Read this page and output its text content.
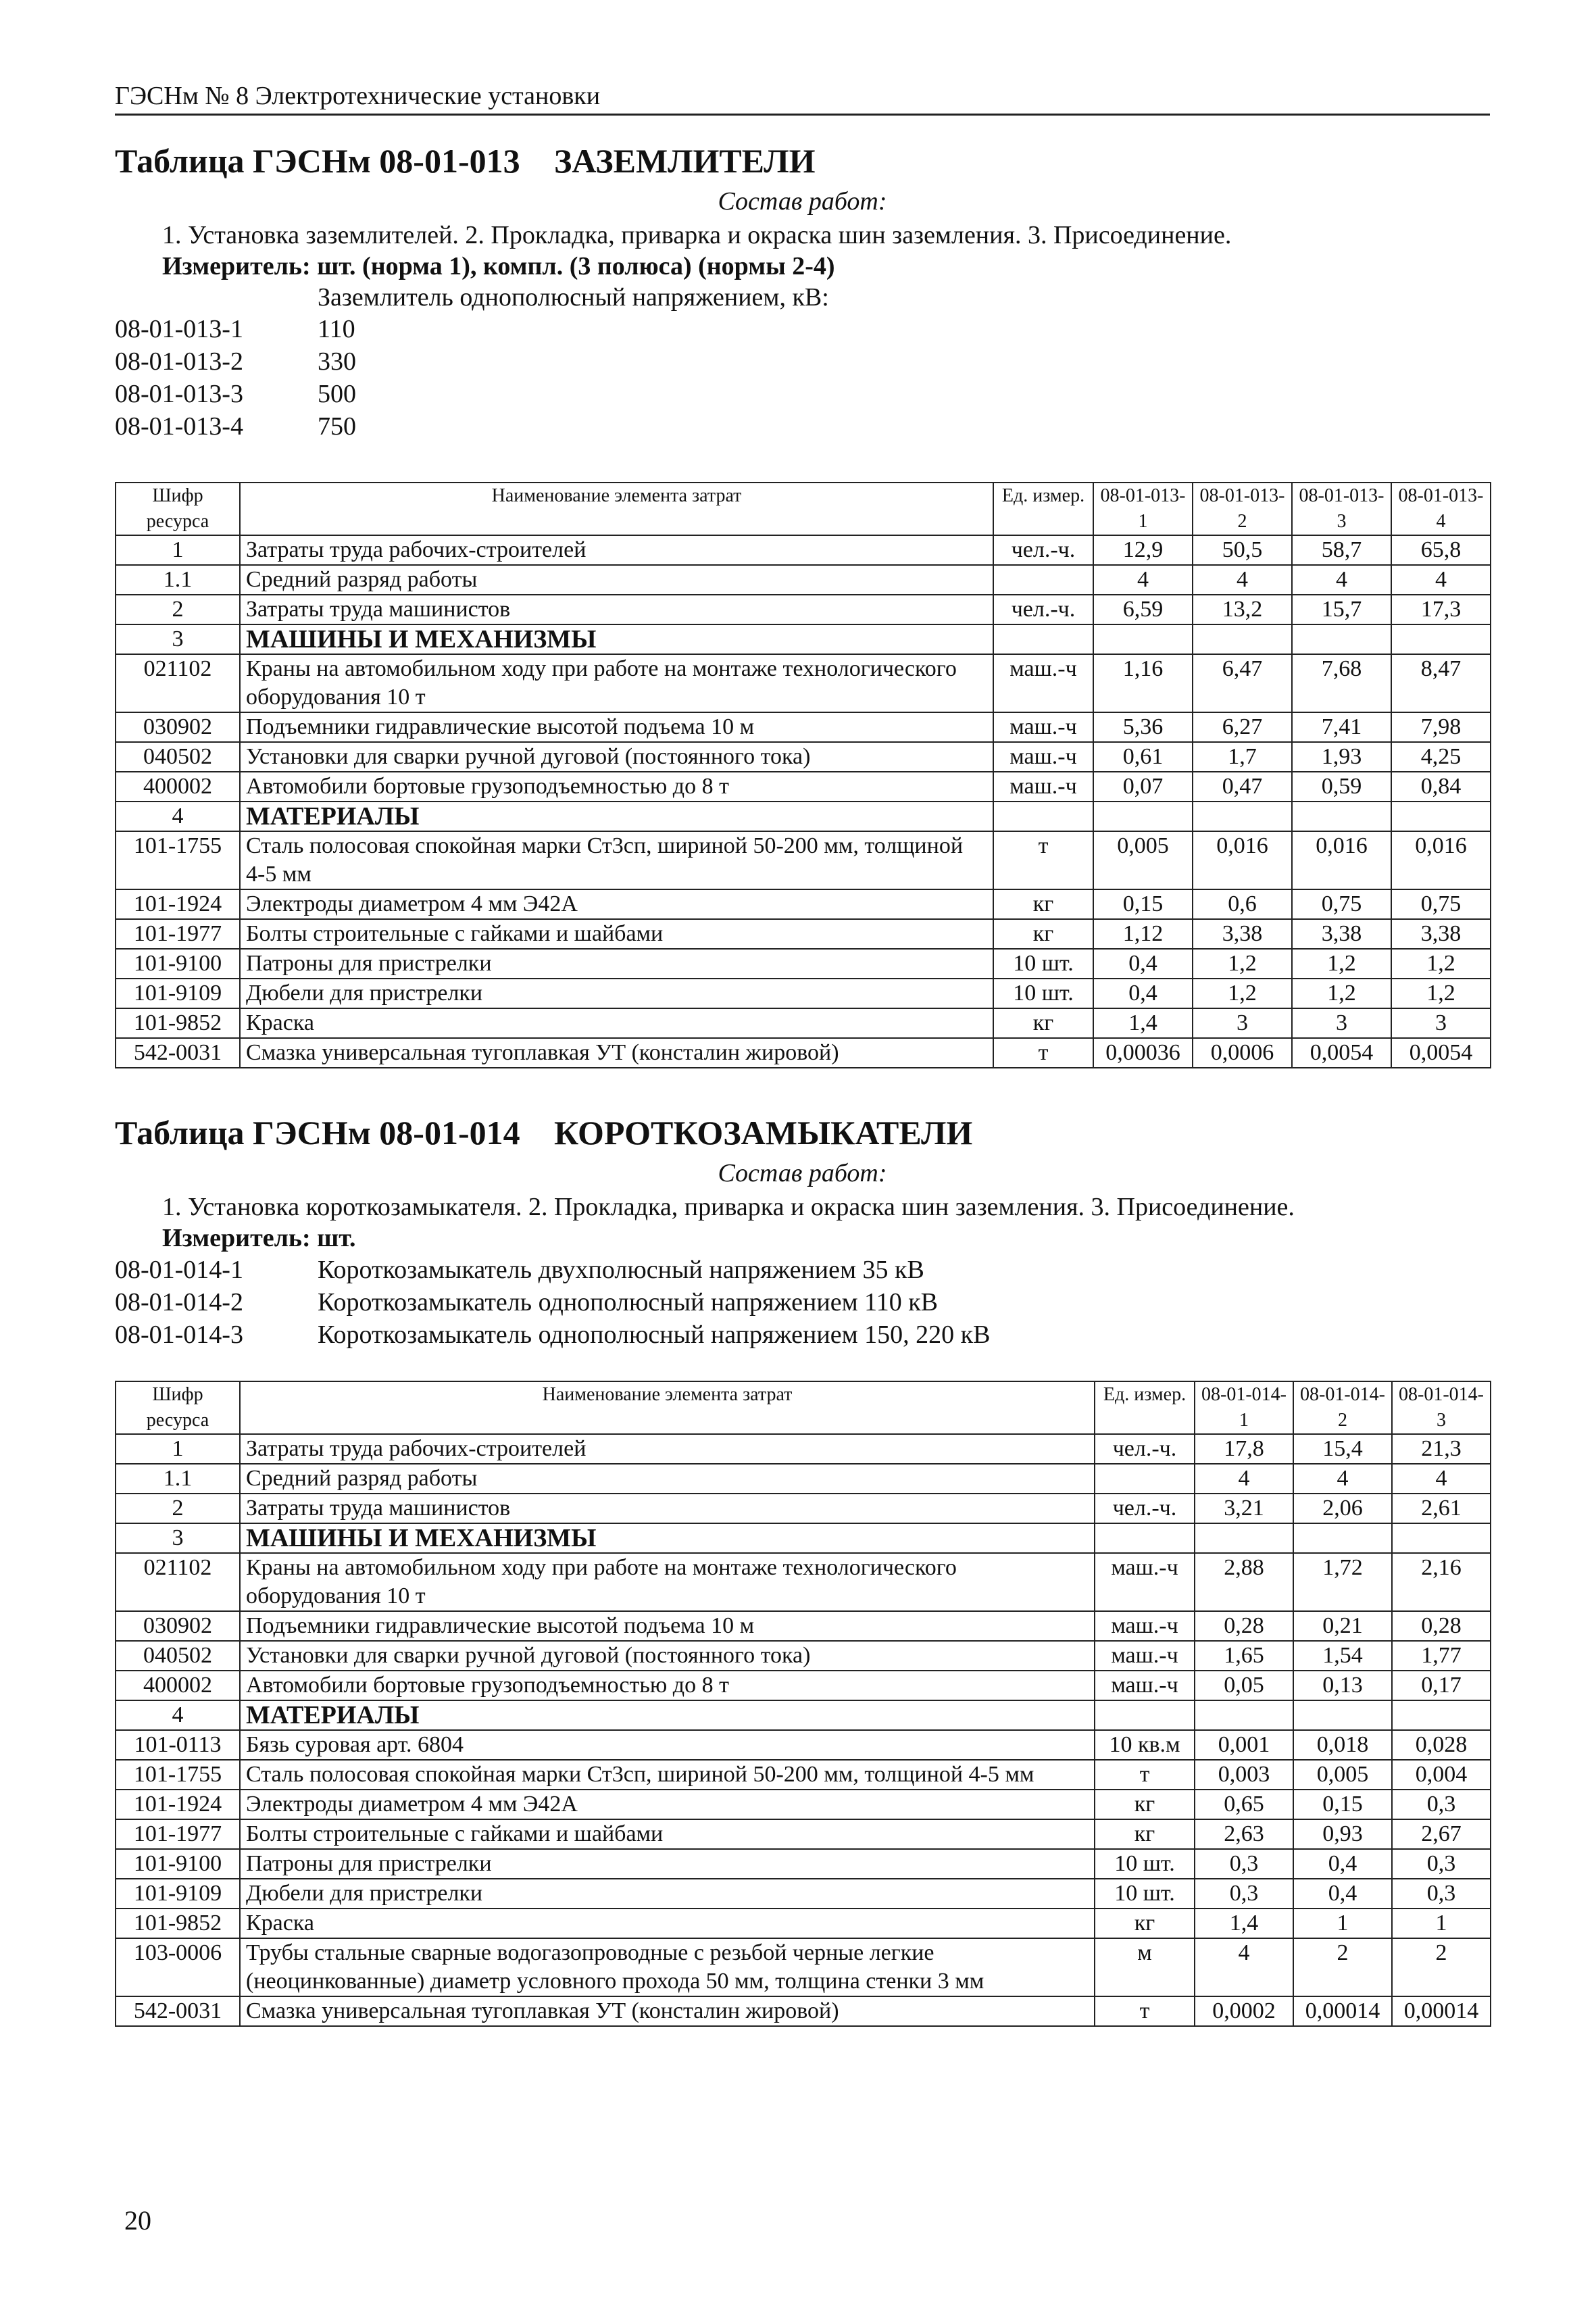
ГЭСНм № 8 Электротехнические установки
Таблица ГЭСНм 08-01-013	ЗАЗЕМЛИТЕЛИ
Состав работ:
1. Установка заземлителей. 2. Прокладка, приварка и окраска шин заземления. 3. Присоединение.
Измеритель: шт. (норма 1), компл. (3 полюса) (нормы 2-4)
Заземлитель однополюсный напряжением, кВ:
08-01-013-1	110
08-01-013-2	330
08-01-013-3	500
08-01-013-4	750
Шифр ресурса	Наименование элемента затрат	Ед. измер.	08-01-013-1	08-01-013-2	08-01-013-3	08-01-013-4
1	Затраты труда рабочих-строителей	чел.-ч.	12,9	50,5	58,7	65,8
1.1	Средний разряд работы		4	4	4	4
2	Затраты труда машинистов	чел.-ч.	6,59	13,2	15,7	17,3
3	МАШИНЫ И МЕХАНИЗМЫ					
021102	Краны на автомобильном ходу при работе на монтаже технологического оборудования 10 т	маш.-ч	1,16	6,47	7,68	8,47
030902	Подъемники гидравлические высотой подъема 10 м	маш.-ч	5,36	6,27	7,41	7,98
040502	Установки для сварки ручной дуговой (постоянного тока)	маш.-ч	0,61	1,7	1,93	4,25
400002	Автомобили бортовые грузоподъемностью до 8 т	маш.-ч	0,07	0,47	0,59	0,84
4	МАТЕРИАЛЫ					
101-1755	Сталь полосовая спокойная марки Ст3сп, шириной 50-200 мм, толщиной 4-5 мм	т	0,005	0,016	0,016	0,016
101-1924	Электроды диаметром 4 мм Э42А	кг	0,15	0,6	0,75	0,75
101-1977	Болты строительные с гайками и шайбами	кг	1,12	3,38	3,38	3,38
101-9100	Патроны для пристрелки	10 шт.	0,4	1,2	1,2	1,2
101-9109	Дюбели для пристрелки	10 шт.	0,4	1,2	1,2	1,2
101-9852	Краска	кг	1,4	3	3	3
542-0031	Смазка универсальная тугоплавкая УТ (консталин жировой)	т	0,00036	0,0006	0,0054	0,0054
Таблица ГЭСНм 08-01-014	КОРОТКОЗАМЫКАТЕЛИ
Состав работ:
1. Установка короткозамыкателя. 2. Прокладка, приварка и окраска шин заземления. 3. Присоединение.
Измеритель: шт.
08-01-014-1	Короткозамыкатель двухполюсный напряжением 35 кВ
08-01-014-2	Короткозамыкатель однополюсный напряжением 110 кВ
08-01-014-3	Короткозамыкатель однополюсный напряжением 150, 220 кВ
Шифр ресурса	Наименование элемента затрат	Ед. измер.	08-01-014-1	08-01-014-2	08-01-014-3
1	Затраты труда рабочих-строителей	чел.-ч.	17,8	15,4	21,3
1.1	Средний разряд работы		4	4	4
2	Затраты труда машинистов	чел.-ч.	3,21	2,06	2,61
3	МАШИНЫ И МЕХАНИЗМЫ				
021102	Краны на автомобильном ходу при работе на монтаже технологического оборудования 10 т	маш.-ч	2,88	1,72	2,16
030902	Подъемники гидравлические высотой подъема 10 м	маш.-ч	0,28	0,21	0,28
040502	Установки для сварки ручной дуговой (постоянного тока)	маш.-ч	1,65	1,54	1,77
400002	Автомобили бортовые грузоподъемностью до 8 т	маш.-ч	0,05	0,13	0,17
4	МАТЕРИАЛЫ				
101-0113	Бязь суровая арт. 6804	10 кв.м	0,001	0,018	0,028
101-1755	Сталь полосовая спокойная марки Ст3сп, шириной 50-200 мм, толщиной 4-5 мм	т	0,003	0,005	0,004
101-1924	Электроды диаметром 4 мм Э42А	кг	0,65	0,15	0,3
101-1977	Болты строительные с гайками и шайбами	кг	2,63	0,93	2,67
101-9100	Патроны для пристрелки	10 шт.	0,3	0,4	0,3
101-9109	Дюбели для пристрелки	10 шт.	0,3	0,4	0,3
101-9852	Краска	кг	1,4	1	1
103-0006	Трубы стальные сварные водогазопроводные с резьбой черные легкие (неоцинкованные) диаметр условного прохода 50 мм, толщина стенки 3 мм	м	4	2	2
542-0031	Смазка универсальная тугоплавкая УТ (консталин жировой)	т	0,0002	0,00014	0,00014
20
